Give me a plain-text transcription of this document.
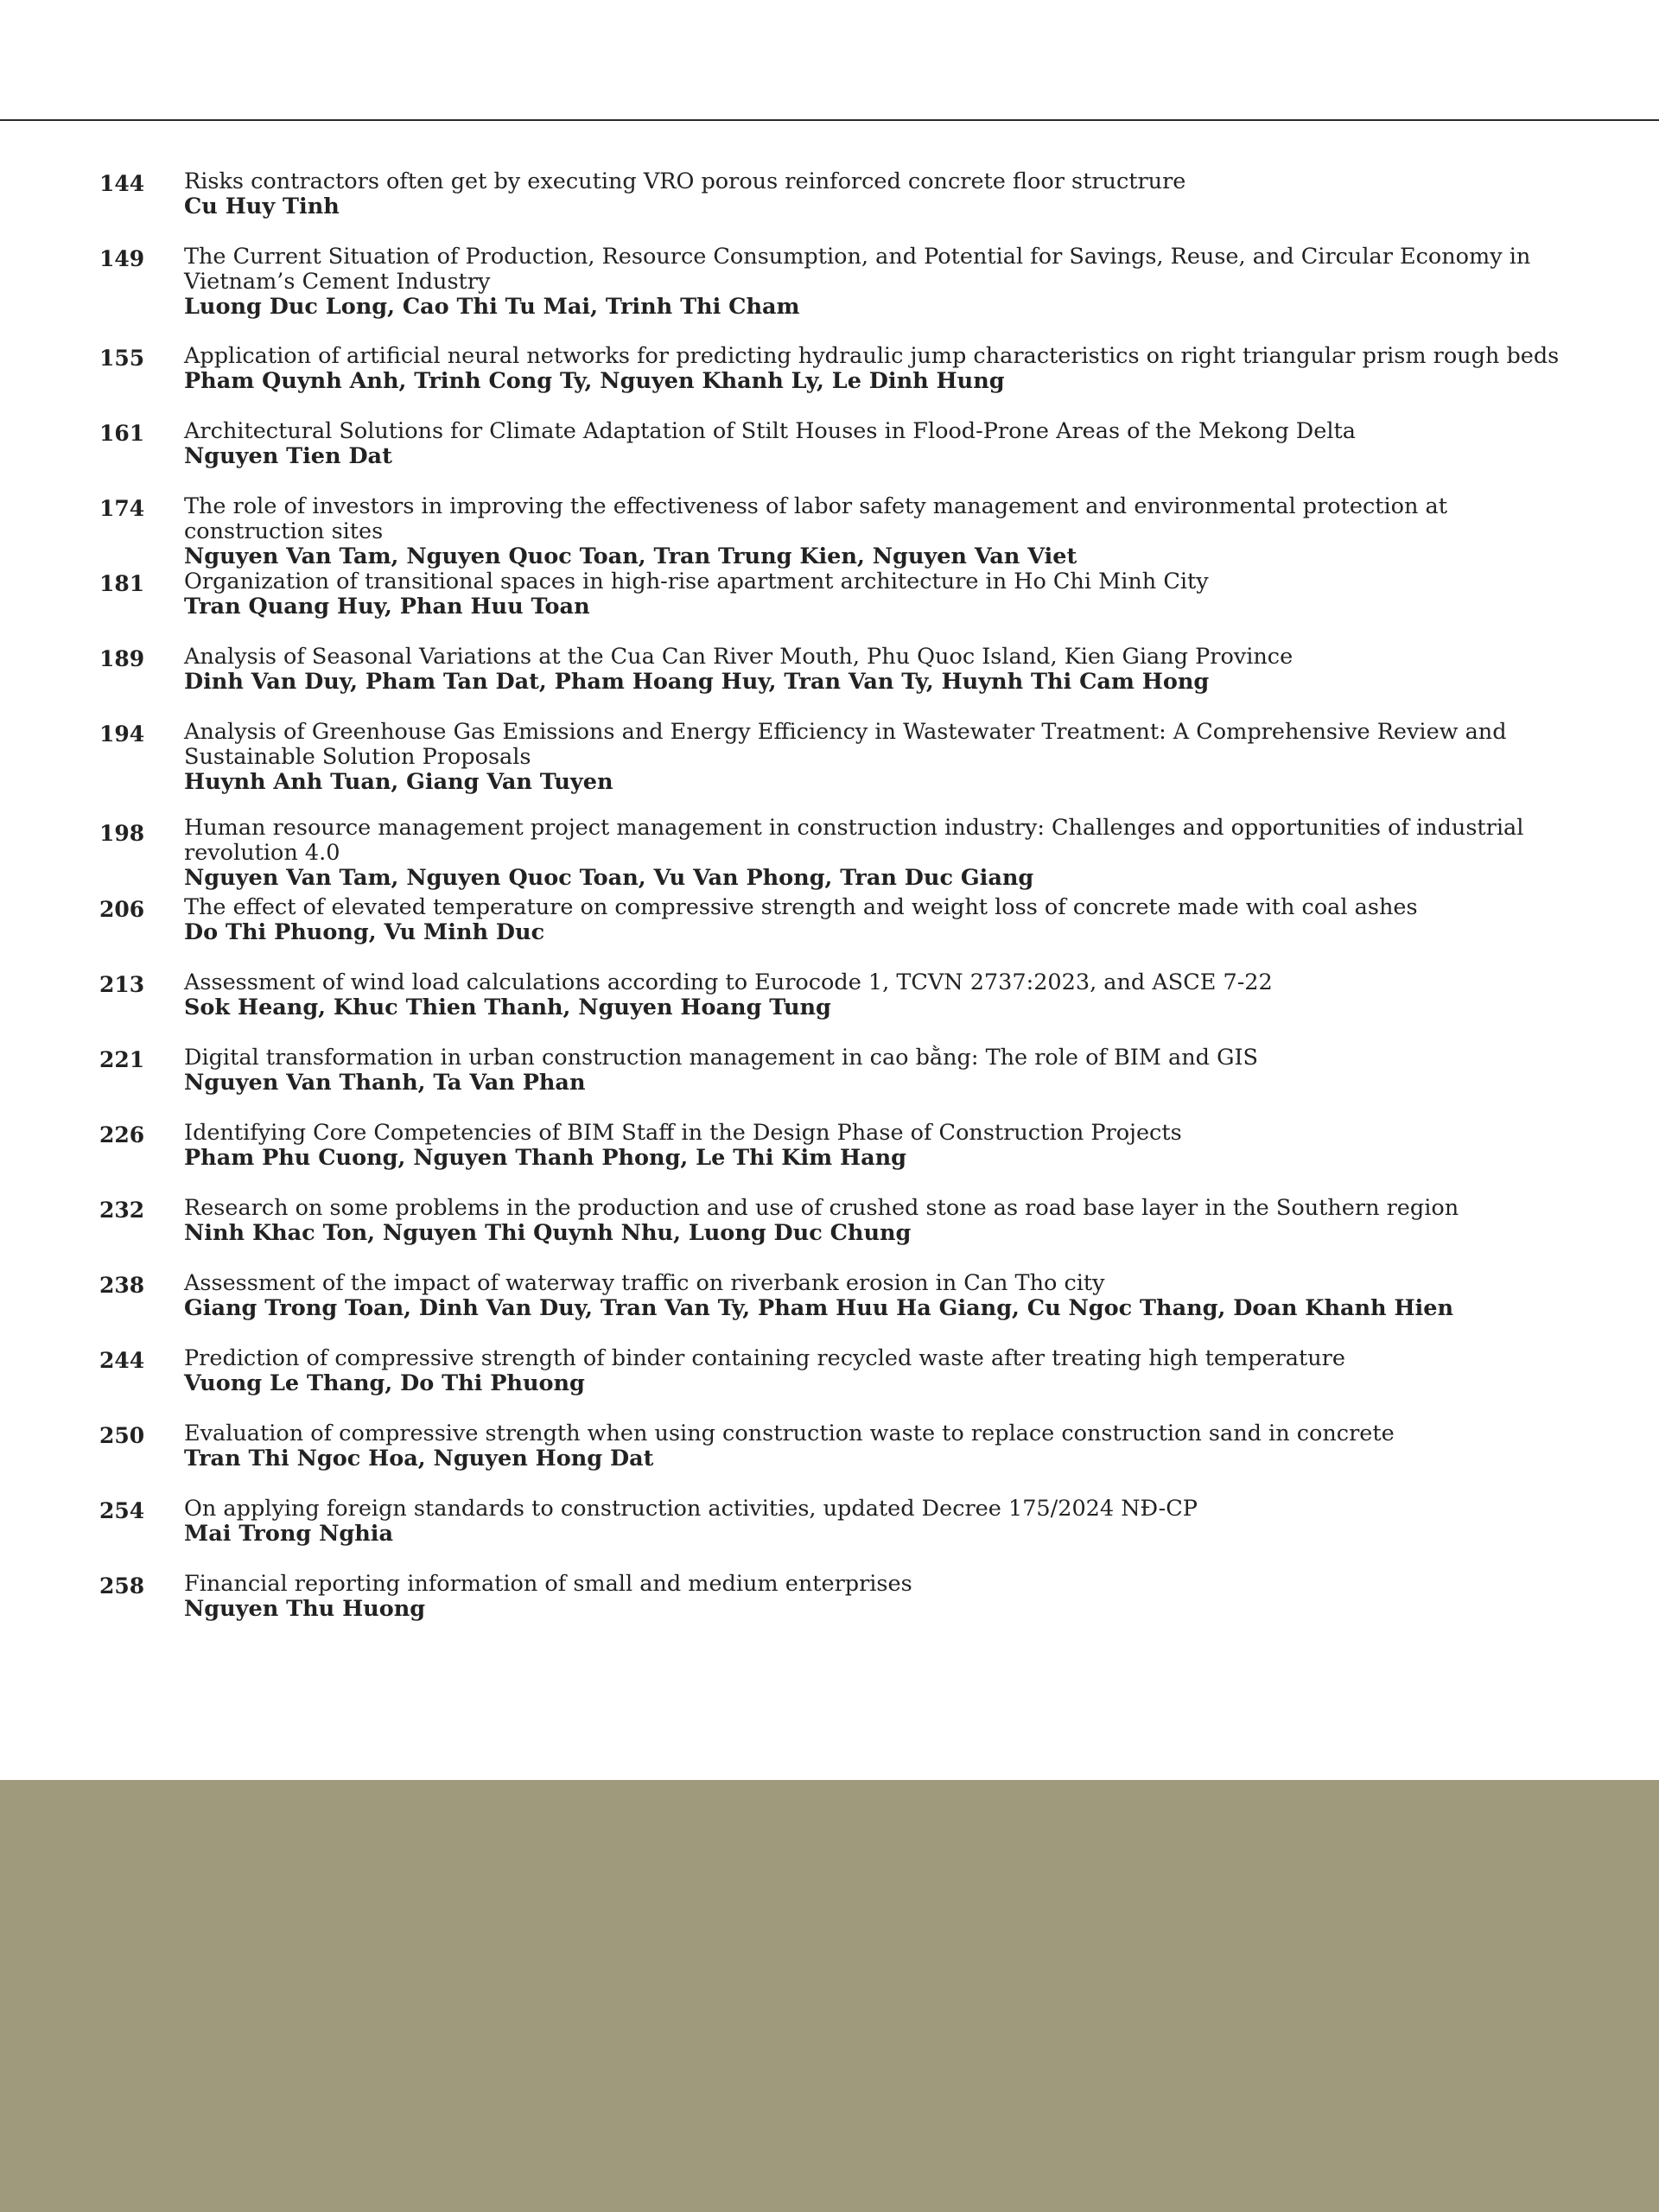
144	Risks contractors often get by executing VRO porous reinforced concrete floor structrure
Cu Huy Tinh
149	The Current Situation of Production, Resource Consumption, and Potential for Savings, Reuse, and Circular Economy in Vietnam’s Cement Industry
Luong Duc Long, Cao Thi Tu Mai, Trinh Thi Cham
155	Application of artificial neural networks for predicting hydraulic jump characteristics on right triangular prism rough beds
Pham Quynh Anh, Trinh Cong Ty, Nguyen Khanh Ly, Le Dinh Hung
161	Architectural Solutions for Climate Adaptation of Stilt Houses in Flood-Prone Areas of the Mekong Delta
Nguyen Tien Dat
174	The role of investors in improving the effectiveness of labor safety management and environmental protection at construction sites
Nguyen Van Tam, Nguyen Quoc Toan, Tran Trung Kien, Nguyen Van Viet
181	Organization of transitional spaces in high-rise apartment architecture in Ho Chi Minh City
Tran Quang Huy, Phan Huu Toan
189	Analysis of Seasonal Variations at the Cua Can River Mouth, Phu Quoc Island, Kien Giang Province
Dinh Van Duy, Pham Tan Dat, Pham Hoang Huy, Tran Van Ty, Huynh Thi Cam Hong
194	Analysis of Greenhouse Gas Emissions and Energy Efficiency in Wastewater Treatment: A Comprehensive Review and Sustainable Solution Proposals
Huynh Anh Tuan, Giang Van Tuyen
198	Human resource management project management in construction industry: Challenges and opportunities of industrial revolution 4.0
Nguyen Van Tam, Nguyen Quoc Toan, Vu Van Phong, Tran Duc Giang
206	The effect of elevated temperature on compressive strength and weight loss of concrete made with coal ashes
Do Thi Phuong, Vu Minh Duc
213	Assessment of wind load calculations according to Eurocode 1, TCVN 2737:2023, and ASCE 7-22
Sok Heang, Khuc Thien Thanh, Nguyen Hoang Tung
221	Digital transformation in urban construction management in cao bằng: The role of BIM and GIS
Nguyen Van Thanh, Ta Van Phan
226	Identifying Core Competencies of BIM Staff in the Design Phase of Construction Projects
Pham Phu Cuong, Nguyen Thanh Phong, Le Thi Kim Hang
232	Research on some problems in the production and use of crushed stone as road base layer in the Southern region
Ninh Khac Ton, Nguyen Thi Quynh Nhu, Luong Duc Chung
238	Assessment of the impact of waterway traffic on riverbank erosion in Can Tho city
Giang Trong Toan, Dinh Van Duy, Tran Van Ty, Pham Huu Ha Giang, Cu Ngoc Thang, Doan Khanh Hien
244	Prediction of compressive strength of binder containing recycled waste after treating high temperature
Vuong Le Thang, Do Thi Phuong
250	Evaluation of compressive strength when using construction waste to replace construction sand in concrete
Tran Thi Ngoc Hoa, Nguyen Hong Dat
254	On applying foreign standards to construction activities, updated Decree 175/2024 NĐ-CP
Mai Trong Nghia
258	Financial reporting information of small and medium enterprises
Nguyen Thu Huong
